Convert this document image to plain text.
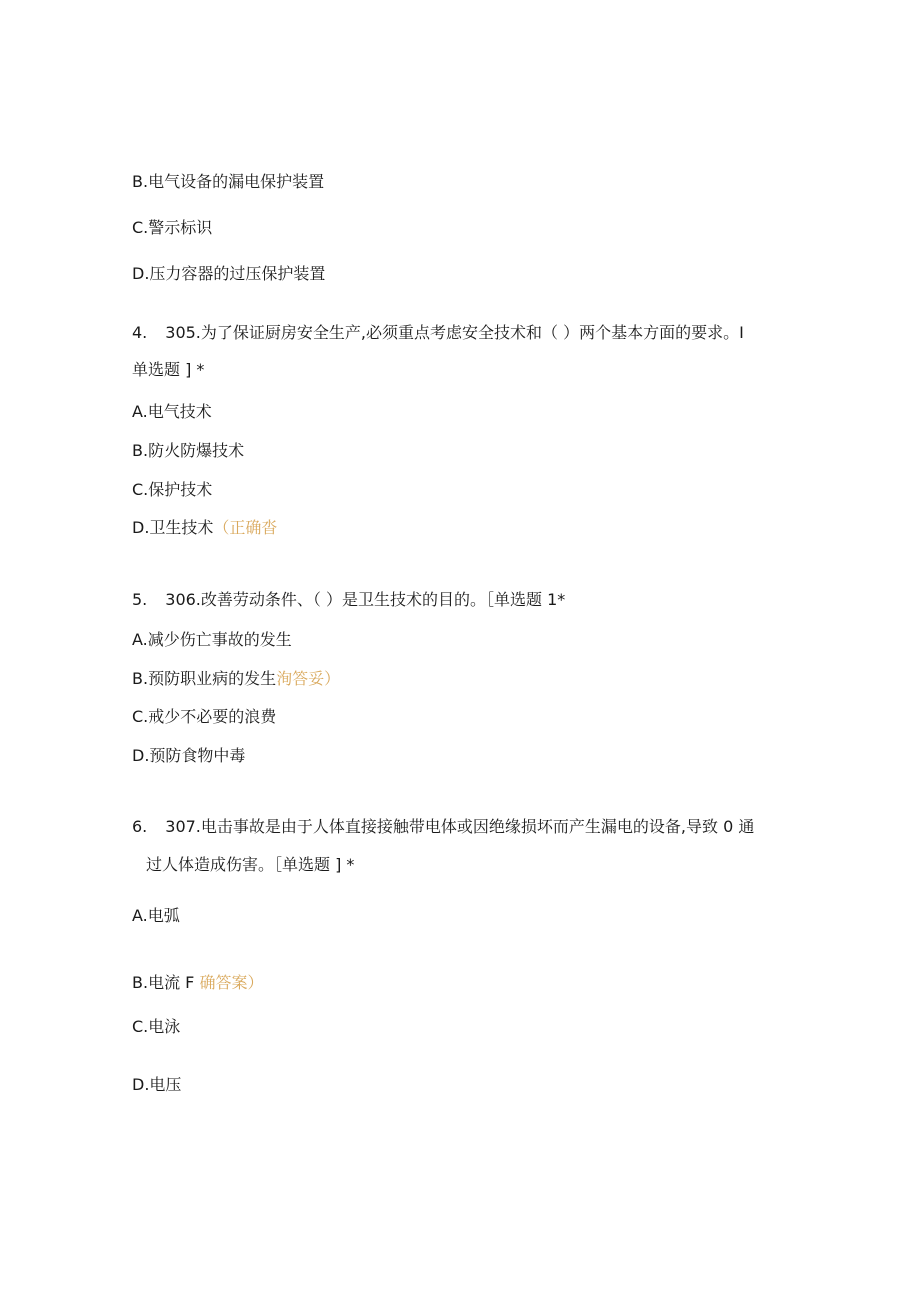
B.电气设备的漏电保护装置
C.警示标识
D.压力容器的过压保护装置
4. 305.为了保证厨房安全生产,必须重点考虑安全技术和（ ）两个基本方面的要求。I
单选题 ] *
A.电气技术
B.防火防爆技术
C.保护技术
D.卫生技术（正确沓
5. 306.改善劳动条件、（ ）是卫生技术的目的。［单选题 1*
A.减少伤亡事故的发生
B.预防职业病的发生洵答妥）
C.戒少不必要的浪费
D.预防食物中毒
6. 307.电击事故是由于人体直接接触带电体或因绝缘损坏而产生漏电的设备,导致 0 通
过人体造成伤害。［单选题 ] *
A.电弧
B.电流 F 确答案）
C.电泳
D.电压
